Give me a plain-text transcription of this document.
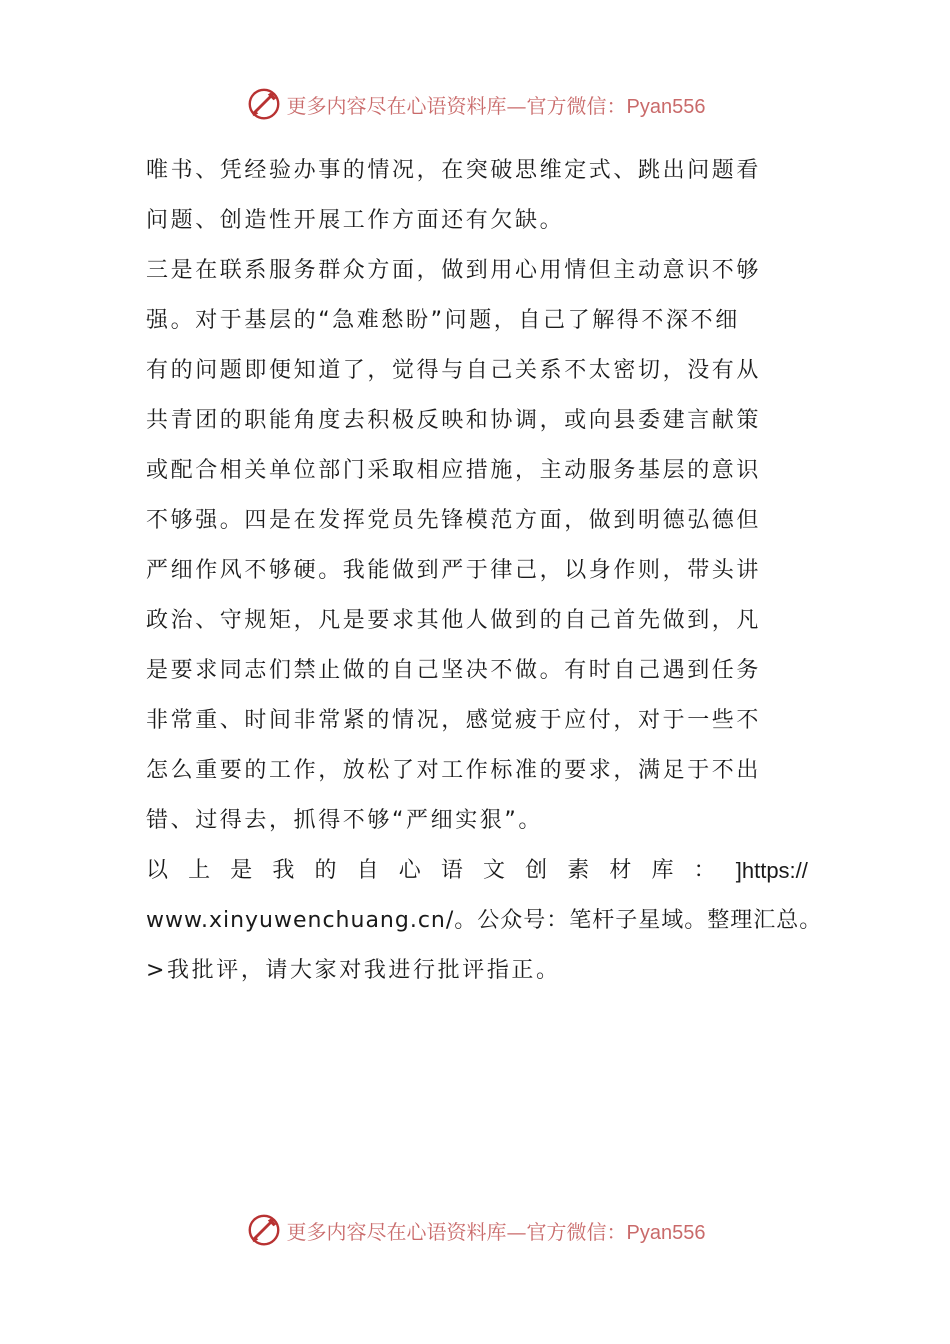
更多内容尽在心语资料库—官方微信：Pyan556
唯书、凭经验办事的情况，在突破思维定式、跳出问题看
问题、创造性开展工作方面还有欠缺。
三是在联系服务群众方面，做到用心用情但主动意识不够
强。对于基层的“急难愁盼”问题，自己了解得不深不细
有的问题即便知道了，觉得与自己关系不太密切，没有从
共青团的职能角度去积极反映和协调，或向县委建言献策
或配合相关单位部门采取相应措施，主动服务基层的意识
不够强。四是在发挥党员先锋模范方面，做到明德弘德但
严细作风不够硬。我能做到严于律己，以身作则，带头讲
政治、守规矩，凡是要求其他人做到的自己首先做到，凡
是要求同志们禁止做的自己坚决不做。有时自己遇到任务
非常重、时间非常紧的情况，感觉疲于应付，对于一些不
怎么重要的工作，放松了对工作标准的要求，满足于不出
错、过得去，抓得不够“严细实狠”。
以 上 是 我 的 自 心 语 文 创 素 材 库 ： ]https://
www.xinyuwenchuang.cn/。公众号：笔杆子星域。整理汇总。
>我批评，请大家对我进行批评指正。
更多内容尽在心语资料库—官方微信：Pyan556
